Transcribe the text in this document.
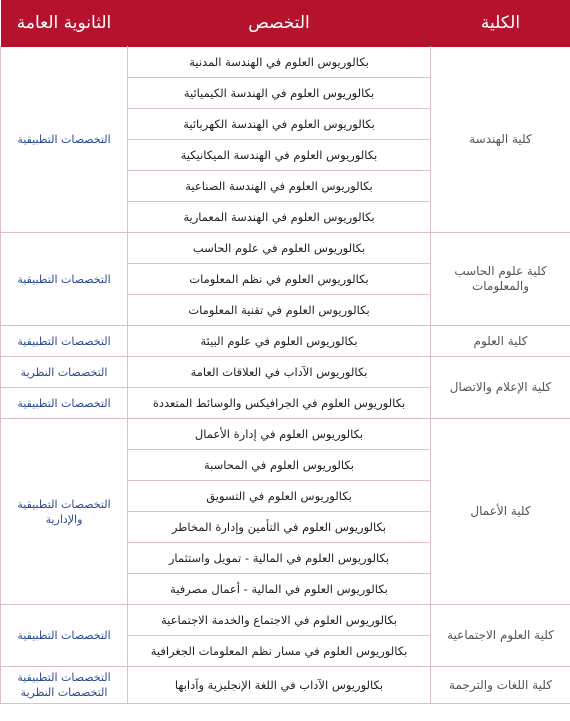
الكلية	التخصص	الثانوية العامة
كلية الهندسة	بكالوريوس العلوم في الهندسة المدنية	التخصصات التطبيقية
	بكالوريوس العلوم في الهندسة الكيميائية	
	بكالوريوس العلوم في الهندسة الكهربائية	
	بكالوريوس العلوم في الهندسة الميكانيكية	
	بكالوريوس العلوم في الهندسة الصناعية	
	بكالوريوس العلوم في الهندسة المعمارية	
كلية علوم الحاسب والمعلومات	بكالوريوس العلوم في علوم الحاسب	التخصصات التطبيقية
	بكالوريوس العلوم في نظم المعلومات	
	بكالوريوس العلوم في تقنية المعلومات	
كلية العلوم	بكالوريوس العلوم في علوم البيئة	التخصصات التطبيقية
كلية الإعلام والاتصال	بكالوريوس الآداب في العلاقات العامة	التخصصات النظرية
	بكالوريوس العلوم في الجرافيكس والوسائط المتعددة	التخصصات التطبيقية
كلية الأعمال	بكالوريوس العلوم في إدارة الأعمال	التخصصات التطبيقية والإدارية
	بكالوريوس العلوم في المحاسبة	
	بكالوريوس العلوم في التسويق	
	بكالوريوس العلوم في التأمين وإدارة المخاطر	
	بكالوريوس العلوم في المالية - تمويل واستثمار	
	بكالوريوس العلوم في المالية - أعمال مصرفية	
كلية العلوم الاجتماعية	بكالوريوس العلوم في الاجتماع والخدمة الاجتماعية	التخصصات التطبيقية
	بكالوريوس العلوم في مسار نظم المعلومات الجغرافية	
كلية اللغات والترجمة	بكالوريوس الآداب في اللغة الإنجليزية وآدابها	التخصصات التطبيقية التخصصات النظرية
